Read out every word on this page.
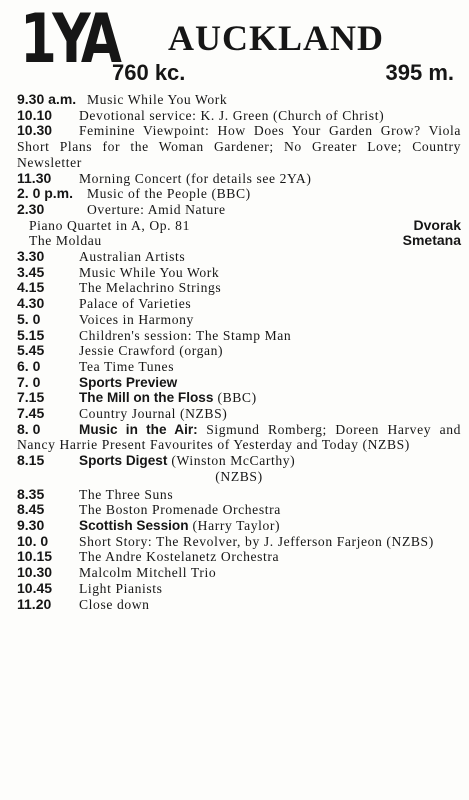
1YA AUCKLAND
760 kc.	395 m.
9.30 a.m. Music While You Work
10.10	Devotional service: K. J. Green (Church of Christ)
10.30	Feminine Viewpoint: How Does Your Garden Grow? Viola Short Plans for the Woman Gardener; No Greater Love; Country Newsletter
11.30	Morning Concert (for details see 2YA)
2. 0 p.m.	Music of the People (BBC)
2.30	Overture: Amid Nature
Piano Quartet in A, Op. 81	Dvorak
The Moldau	Smetana
3.30	Australian Artists
3.45	Music While You Work
4.15	The Melachrino Strings
4.30	Palace of Varieties
5. 0	Voices in Harmony
5.15	Children's session: The Stamp Man
5.45	Jessie Crawford (organ)
6. 0	Tea Time Tunes
7. 0	Sports Preview
7.15	The Mill on the Floss (BBC)
7.45	Country Journal (NZBS)
8. 0	Music in the Air: Sigmund Romberg; Doreen Harvey and Nancy Harrie Present Favourites of Yesterday and Today (NZBS)
8.15	Sports Digest (Winston McCarthy)
(NZBS)
8.35	The Three Suns
8.45	The Boston Promenade Orchestra
9.30	Scottish Session (Harry Taylor)
10. 0	Short Story: The Revolver, by J. Jefferson Farjeon (NZBS)
10.15	The Andre Kostelanetz Orchestra
10.30	Malcolm Mitchell Trio
10.45	Light Pianists
11.20	Close down
